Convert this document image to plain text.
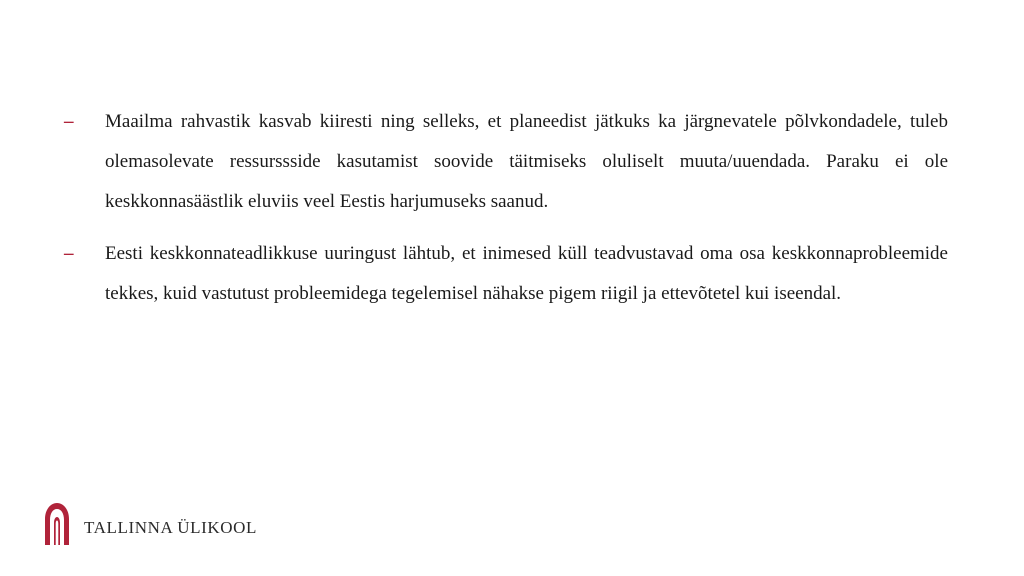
–	Maailma rahvastik kasvab kiiresti ning selleks, et planeedist jätkuks ka järgnevatele põlvkondadele, tuleb olemasolevate ressurssside kasutamist soovide täitmiseks oluliselt muuta/uuendada. Paraku ei ole keskkonnasäästlik eluviis veel Eestis harjumuseks saanud.
–	Eesti keskkonnateadlikkuse uuringust lähtub, et inimesed küll teadvustavad oma osa keskkonnaprobleemide tekkes, kuid vastutust probleemidega tegelemisel nähakse pigem riigil ja ettevõtetel kui iseendal.
TALLINNA ÜLIKOOL
